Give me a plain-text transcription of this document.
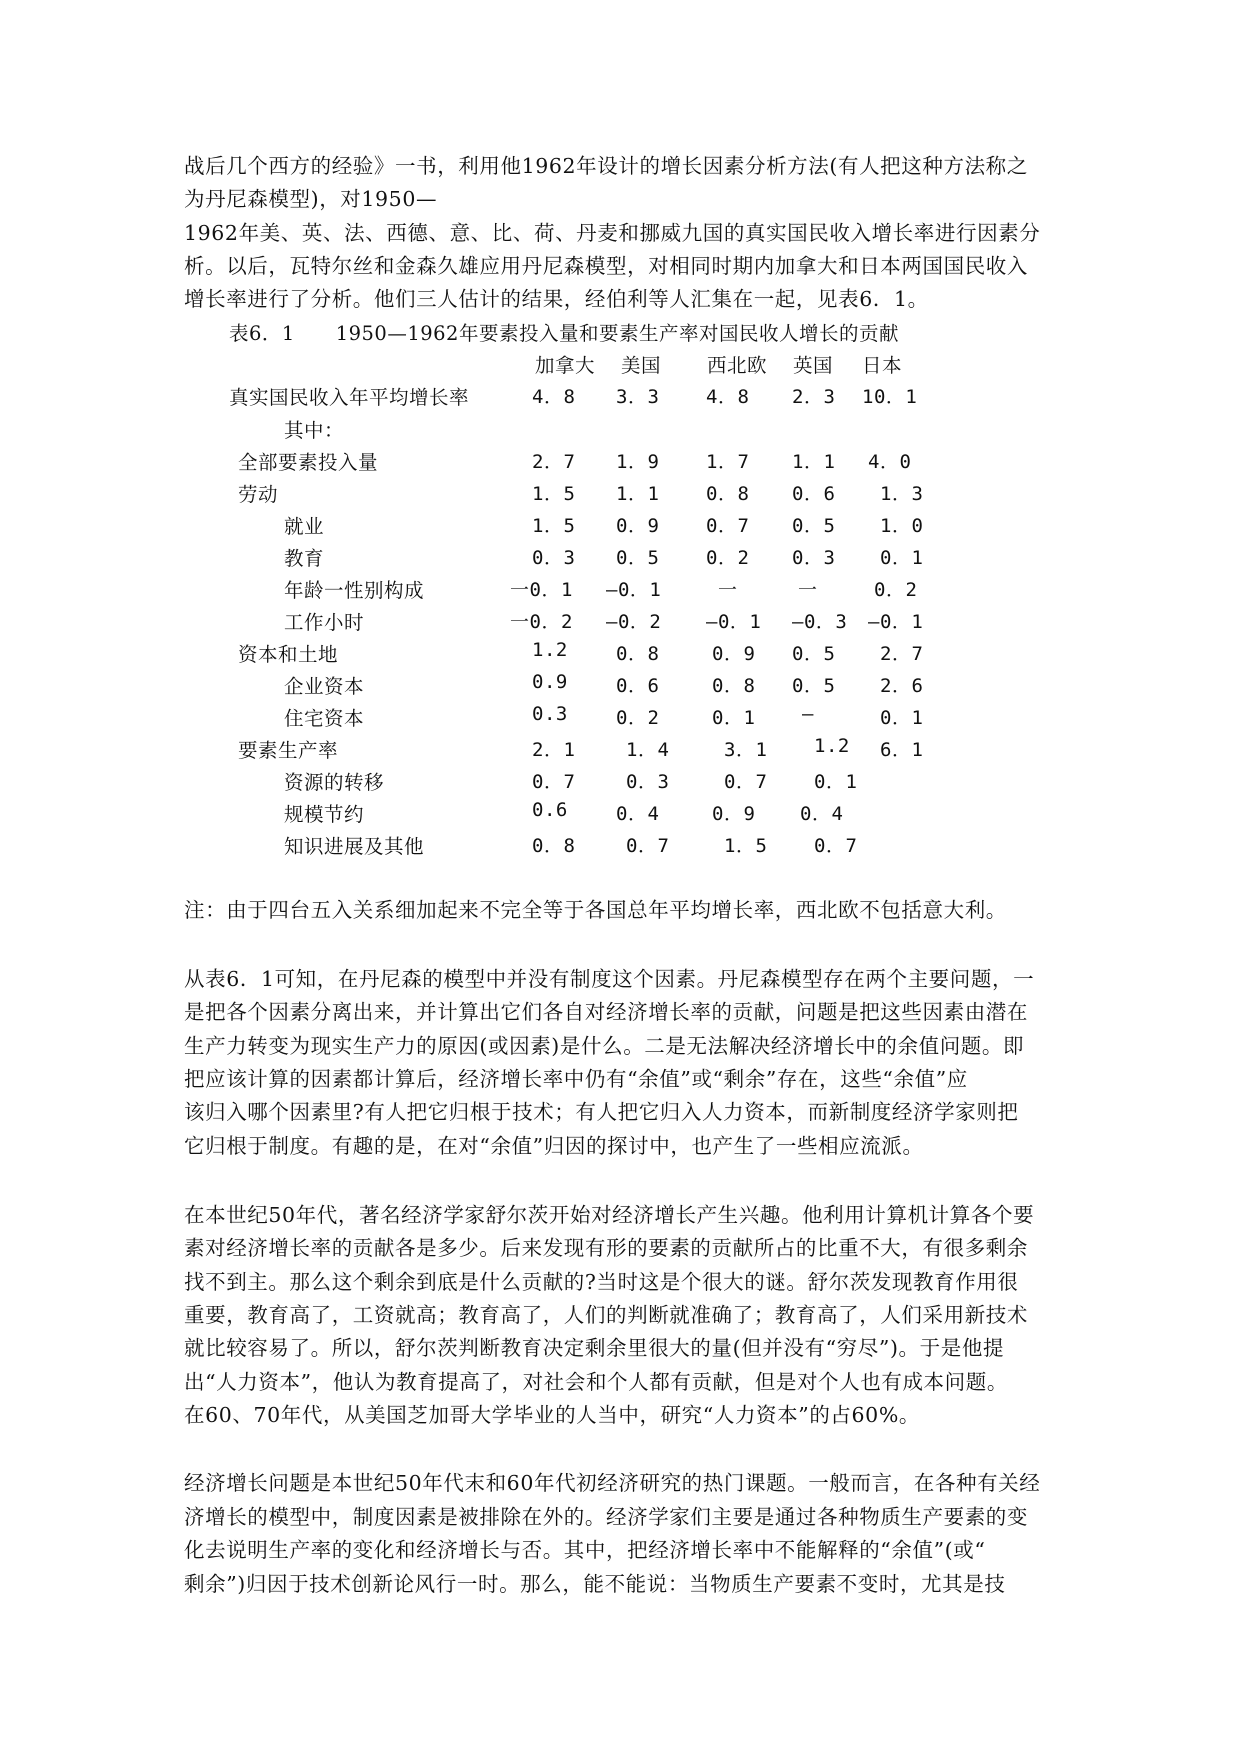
战后几个西方的经验》一书，利用他1962年设计的增长因素分析方法(有人把这种方法称之
为丹尼森模型)，对1950—
1962年美、英、法、西德、意、比、荷、丹麦和挪威九国的真实国民收入增长率进行因素分
析。以后，瓦特尔丝和金森久雄应用丹尼森模型，对相同时期内加拿大和日本两国国民收入
增长率进行了分析。他们三人估计的结果，经伯利等人汇集在一起，见表6．1。
表6．1 1950—1962年要素投入量和要素生产率对国民收人增长的贡献
加拿大 美国 西北欧 英国 日本
真实国民收入年平均增长率	4．8 3．3 4．8 2．3 10．1
其中：
全部要素投入量	2．7 1．9 1．7 1．1 4．0
劳动	1．5 1．1 0．8 0．6 1．3
就业	1．5 0．9 0．7 0．5 1．0
教育	0．3 0．5 0．2 0．3 0．1
年龄一性别构成	一0．1 —0．1	一	一	0．2
工作小时	一0．2 —0．2 —0．1 —0．3 —0．1
资本和土地	1.2	0．8	0．9 0．5 2．7
企业资本	0.9	0．6	0．8 0．5 2．6
住宅资本	0.3	0．2	0．1 —	0．1
要素生产率	2．1	1．4	3．1 1.2 6．1
资源的转移	0．7	0．3	0．7 0．1
规模节约	0.6	0．4	0．9 0．4
知识进展及其他	0．8	0．7	1．5 0．7
注：由于四台五入关系细加起来不完全等于各国总年平均增长率，西北欧不包括意大利。
从表6．1可知，在丹尼森的模型中并没有制度这个因素。丹尼森模型存在两个主要问题，一
是把各个因素分离出来，并计算出它们各自对经济增长率的贡献，问题是把这些因素由潜在
生产力转变为现实生产力的原因(或因素)是什么。二是无法解决经济增长中的余值问题。即
把应该计算的因素都计算后，经济增长率中仍有“余值”或“剩余”存在，这些“余值”应
该归入哪个因素里?有人把它归根于技术；有人把它归入人力资本，而新制度经济学家则把
它归根于制度。有趣的是，在对“余值”归因的探讨中，也产生了一些相应流派。
在本世纪50年代，著名经济学家舒尔茨开始对经济增长产生兴趣。他利用计算机计算各个要
素对经济增长率的贡献各是多少。后来发现有形的要素的贡献所占的比重不大，有很多剩余
找不到主。那么这个剩余到底是什么贡献的?当时这是个很大的谜。舒尔茨发现教育作用很
重要，教育高了，工资就高；教育高了，人们的判断就准确了；教育高了，人们采用新技术
就比较容易了。所以，舒尔茨判断教育决定剩余里很大的量(但并没有“穷尽”)。于是他提
出“人力资本”，他认为教育提高了，对社会和个人都有贡献，但是对个人也有成本问题。
在60、70年代，从美国芝加哥大学毕业的人当中，研究“人力资本”的占60%。
经济增长问题是本世纪50年代末和60年代初经济研究的热门课题。一般而言，在各种有关经
济增长的模型中，制度因素是被排除在外的。经济学家们主要是通过各种物质生产要素的变
化去说明生产率的变化和经济增长与否。其中，把经济增长率中不能解释的“余值”(或“
剩余”)归因于技术创新论风行一时。那么，能不能说：当物质生产要素不变时，尤其是技
